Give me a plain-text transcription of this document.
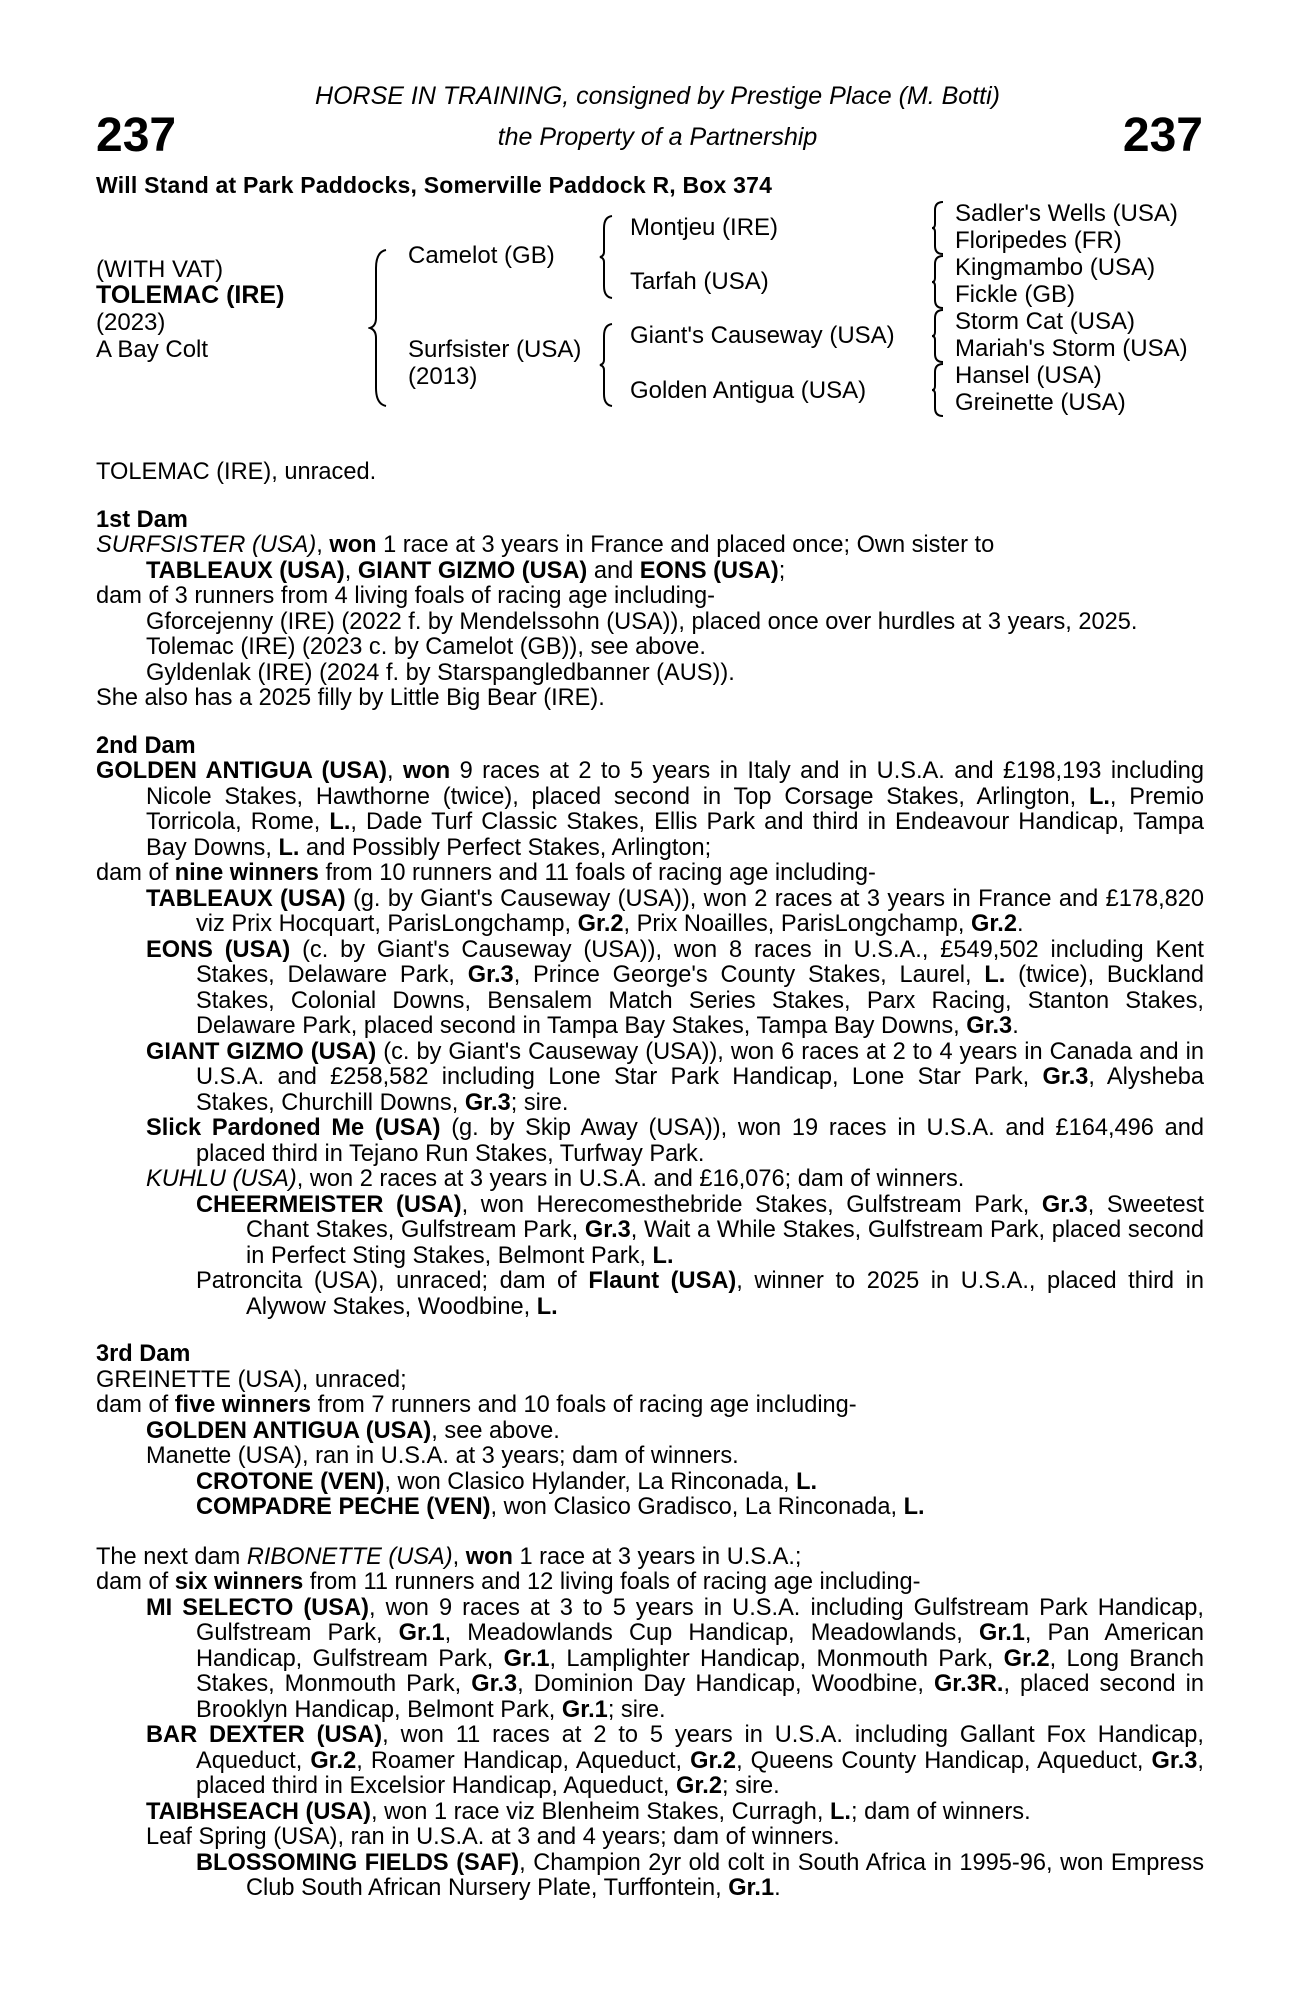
237	237
HORSE IN TRAINING, consigned by Prestige Place (M. Botti)
the Property of a Partnership
Will Stand at Park Paddocks, Somerville Paddock R, Box 374
(WITH VAT)
TOLEMAC (IRE)
(2023)
A Bay Colt
Camelot (GB)
Surfsister (USA)
(2013)
Montjeu (IRE)
Tarfah (USA)
Giant's Causeway (USA)
Golden Antigua (USA)
Sadler's Wells (USA)
Floripedes (FR)
Kingmambo (USA)
Fickle (GB)
Storm Cat (USA)
Mariah's Storm (USA)
Hansel (USA)
Greinette (USA)

TOLEMAC (IRE), unraced.

1st Dam

SURFSISTER (USA), won 1 race at 3 years in France and placed once; Own sister to

TABLEAUX (USA), GIANT GIZMO (USA) and EONS (USA);

dam of 3 runners from 4 living foals of racing age including-

Gforcejenny (IRE) (2022 f. by Mendelssohn (USA)), placed once over hurdles at 3 years, 2025.

Tolemac (IRE) (2023 c. by Camelot (GB)), see above.

Gyldenlak (IRE) (2024 f. by Starspangledbanner (AUS)).

She also has a 2025 filly by Little Big Bear (IRE).

2nd Dam

GOLDEN ANTIGUA (USA), won 9 races at 2 to 5 years in Italy and in U.S.A. and £198,193 including Nicole Stakes, Hawthorne (twice), placed second in Top Corsage Stakes, Arlington, L., Premio Torricola, Rome, L., Dade Turf Classic Stakes, Ellis Park and third in Endeavour Handicap, Tampa Bay Downs, L. and Possibly Perfect Stakes, Arlington;

dam of nine winners from 10 runners and 11 foals of racing age including-

TABLEAUX (USA) (g. by Giant's Causeway (USA)), won 2 races at 3 years in France and £178,820 viz Prix Hocquart, ParisLongchamp, Gr.2, Prix Noailles, ParisLongchamp, Gr.2.

EONS (USA) (c. by Giant's Causeway (USA)), won 8 races in U.S.A., £549,502 including Kent Stakes, Delaware Park, Gr.3, Prince George's County Stakes, Laurel, L. (twice), Buckland Stakes, Colonial Downs, Bensalem Match Series Stakes, Parx Racing, Stanton Stakes, Delaware Park, placed second in Tampa Bay Stakes, Tampa Bay Downs, Gr.3.

GIANT GIZMO (USA) (c. by Giant's Causeway (USA)), won 6 races at 2 to 4 years in Canada and in U.S.A. and £258,582 including Lone Star Park Handicap, Lone Star Park, Gr.3, Alysheba Stakes, Churchill Downs, Gr.3; sire.

Slick Pardoned Me (USA) (g. by Skip Away (USA)), won 19 races in U.S.A. and £164,496 and placed third in Tejano Run Stakes, Turfway Park.

KUHLU (USA), won 2 races at 3 years in U.S.A. and £16,076; dam of winners.

CHEERMEISTER (USA), won Herecomesthebride Stakes, Gulfstream Park, Gr.3, Sweetest Chant Stakes, Gulfstream Park, Gr.3, Wait a While Stakes, Gulfstream Park, placed second in Perfect Sting Stakes, Belmont Park, L.

Patroncita (USA), unraced; dam of Flaunt (USA), winner to 2025 in U.S.A., placed third in Alywow Stakes, Woodbine, L.

3rd Dam

GREINETTE (USA), unraced;

dam of five winners from 7 runners and 10 foals of racing age including-

GOLDEN ANTIGUA (USA), see above.

Manette (USA), ran in U.S.A. at 3 years; dam of winners.

CROTONE (VEN), won Clasico Hylander, La Rinconada, L.

COMPADRE PECHE (VEN), won Clasico Gradisco, La Rinconada, L.

The next dam RIBONETTE (USA), won 1 race at 3 years in U.S.A.;

dam of six winners from 11 runners and 12 living foals of racing age including-

MI SELECTO (USA), won 9 races at 3 to 5 years in U.S.A. including Gulfstream Park Handicap, Gulfstream Park, Gr.1, Meadowlands Cup Handicap, Meadowlands, Gr.1, Pan American Handicap, Gulfstream Park, Gr.1, Lamplighter Handicap, Monmouth Park, Gr.2, Long Branch Stakes, Monmouth Park, Gr.3, Dominion Day Handicap, Woodbine, Gr.3R., placed second in Brooklyn Handicap, Belmont Park, Gr.1; sire.

BAR DEXTER (USA), won 11 races at 2 to 5 years in U.S.A. including Gallant Fox Handicap, Aqueduct, Gr.2, Roamer Handicap, Aqueduct, Gr.2, Queens County Handicap, Aqueduct, Gr.3, placed third in Excelsior Handicap, Aqueduct, Gr.2; sire.

TAIBHSEACH (USA), won 1 race viz Blenheim Stakes, Curragh, L.; dam of winners.

Leaf Spring (USA), ran in U.S.A. at 3 and 4 years; dam of winners.

BLOSSOMING FIELDS (SAF), Champion 2yr old colt in South Africa in 1995-96, won Empress Club South African Nursery Plate, Turffontein, Gr.1.
